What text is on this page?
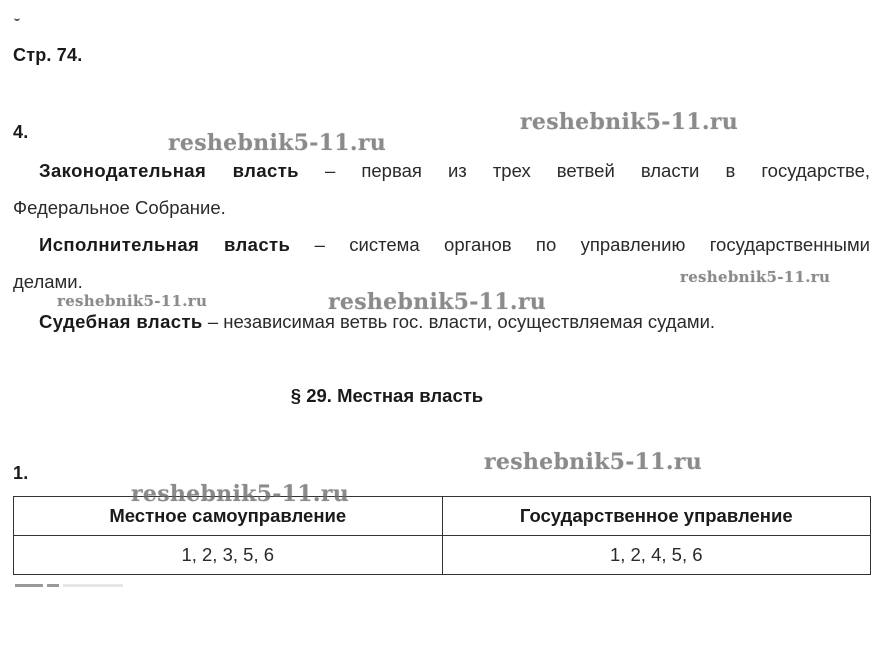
Стр. 74.
4.
Законодательная власть – первая из трех ветвей власти в государстве,
Федеральное Собрание.
Исполнительная власть – система органов по управлению государственными
делами.
Судебная власть – независимая ветвь гос. власти, осуществляемая судами.
§ 29. Местная власть
1.
Местное самоуправление	Государственное управление
1, 2, 3, 5, 6	1, 2, 4, 5, 6
reshebnik5-11.ru
reshebnik5-11.ru
reshebnik5-11.ru
reshebnik5-11.ru	reshebnik5-11.ru
reshebnik5-11.ru
reshebnik5-11.ru
